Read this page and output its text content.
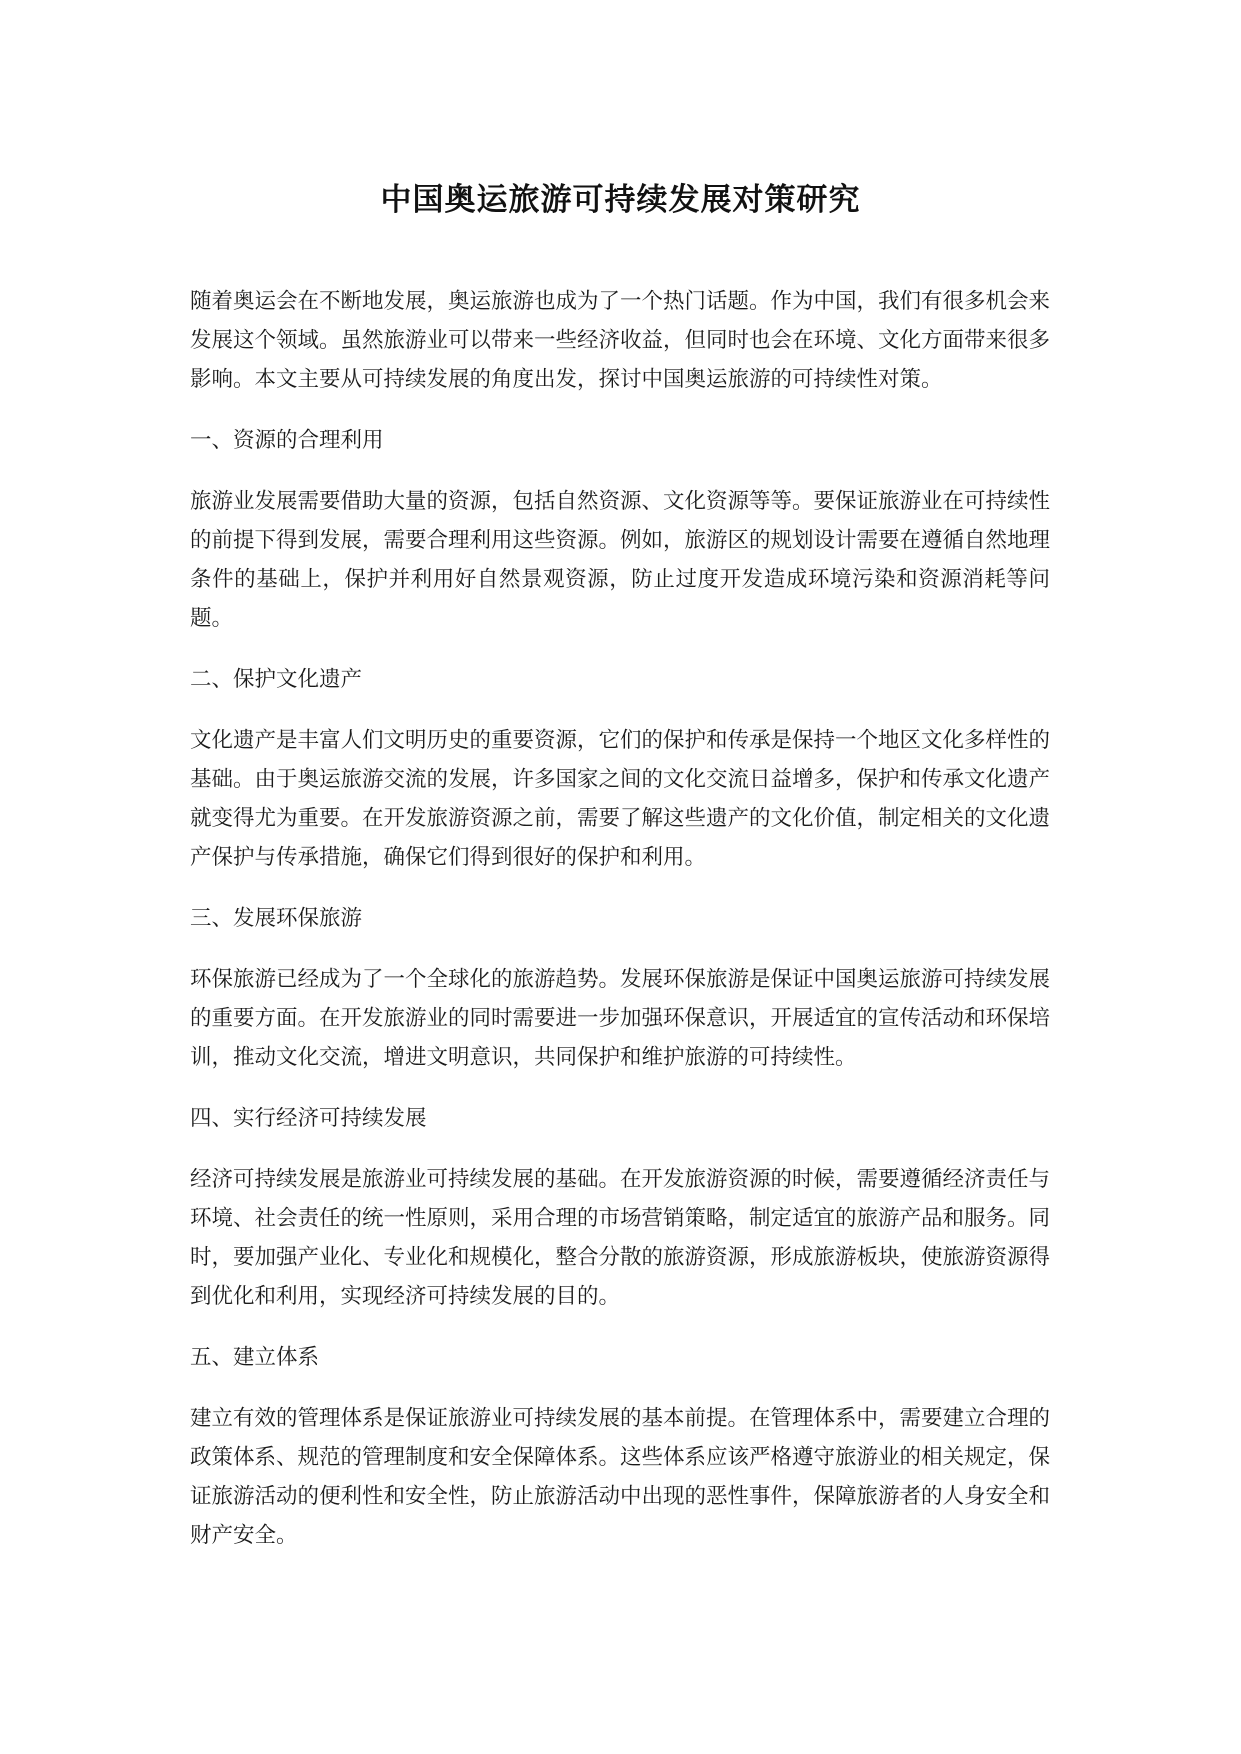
中国奥运旅游可持续发展对策研究

随着奥运会在不断地发展，奥运旅游也成为了一个热门话题。作为中国，我们有很多机会来发展这个领域。虽然旅游业可以带来一些经济收益，但同时也会在环境、文化方面带来很多影响。本文主要从可持续发展的角度出发，探讨中国奥运旅游的可持续性对策。

一、资源的合理利用

旅游业发展需要借助大量的资源，包括自然资源、文化资源等等。要保证旅游业在可持续性的前提下得到发展，需要合理利用这些资源。例如，旅游区的规划设计需要在遵循自然地理条件的基础上，保护并利用好自然景观资源，防止过度开发造成环境污染和资源消耗等问题。

二、保护文化遗产

文化遗产是丰富人们文明历史的重要资源，它们的保护和传承是保持一个地区文化多样性的基础。由于奥运旅游交流的发展，许多国家之间的文化交流日益增多，保护和传承文化遗产就变得尤为重要。在开发旅游资源之前，需要了解这些遗产的文化价值，制定相关的文化遗产保护与传承措施，确保它们得到很好的保护和利用。

三、发展环保旅游

环保旅游已经成为了一个全球化的旅游趋势。发展环保旅游是保证中国奥运旅游可持续发展的重要方面。在开发旅游业的同时需要进一步加强环保意识，开展适宜的宣传活动和环保培训，推动文化交流，增进文明意识，共同保护和维护旅游的可持续性。

四、实行经济可持续发展

经济可持续发展是旅游业可持续发展的基础。在开发旅游资源的时候，需要遵循经济责任与环境、社会责任的统一性原则，采用合理的市场营销策略，制定适宜的旅游产品和服务。同时，要加强产业化、专业化和规模化，整合分散的旅游资源，形成旅游板块，使旅游资源得到优化和利用，实现经济可持续发展的目的。

五、建立体系

建立有效的管理体系是保证旅游业可持续发展的基本前提。在管理体系中，需要建立合理的政策体系、规范的管理制度和安全保障体系。这些体系应该严格遵守旅游业的相关规定，保证旅游活动的便利性和安全性，防止旅游活动中出现的恶性事件，保障旅游者的人身安全和财产安全。
